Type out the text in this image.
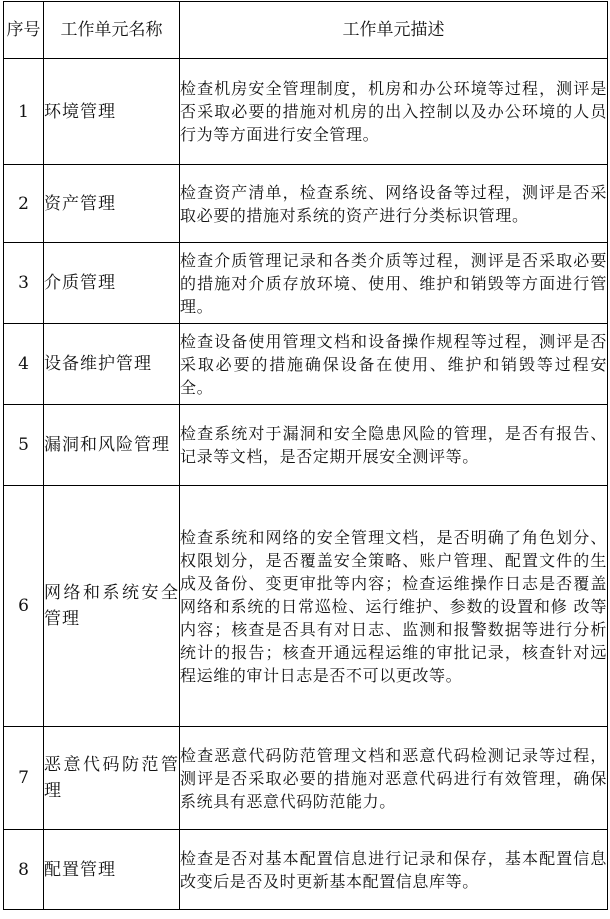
序号	工作单元名称	工作单元描述
1	环境管理	检查机房安全管理制度，机房和办公环境等过程，测评是否采取必要的措施对机房的出入控制以及办公环境的人员行为等方面进行安全管理。
2	资产管理	检查资产清单，检查系统、网络设备等过程，测评是否采取必要的措施对系统的资产进行分类标识管理。
3	介质管理	检查介质管理记录和各类介质等过程，测评是否采取必要的措施对介质存放环境、使用、维护和销毁等方面进行管理。
4	设备维护管理	检查设备使用管理文档和设备操作规程等过程，测评是否采取必要的措施确保设备在使用、维护和销毁等过程安全。
5	漏洞和风险管理	检查系统对于漏洞和安全隐患风险的管理，是否有报告、记录等文档，是否定期开展安全测评等。
6	网络和系统安全管理	检查系统和网络的安全管理文档，是否明确了角色划分、权限划分，是否覆盖安全策略、账户管理、配置文件的生成及备份、变更审批等内容；检查运维操作日志是否覆盖网络和系统的日常巡检、运行维护、参数的设置和修 改等内容；核查是否具有对日志、监测和报警数据等进行分析统计的报告；核查开通远程运维的审批记录，核查针对远程运维的审计日志是否不可以更改等。
7	恶意代码防范管理	检查恶意代码防范管理文档和恶意代码检测记录等过程，测评是否采取必要的措施对恶意代码进行有效管理，确保系统具有恶意代码防范能力。
8	配置管理	检查是否对基本配置信息进行记录和保存，基本配置信息改变后是否及时更新基本配置信息库等。
